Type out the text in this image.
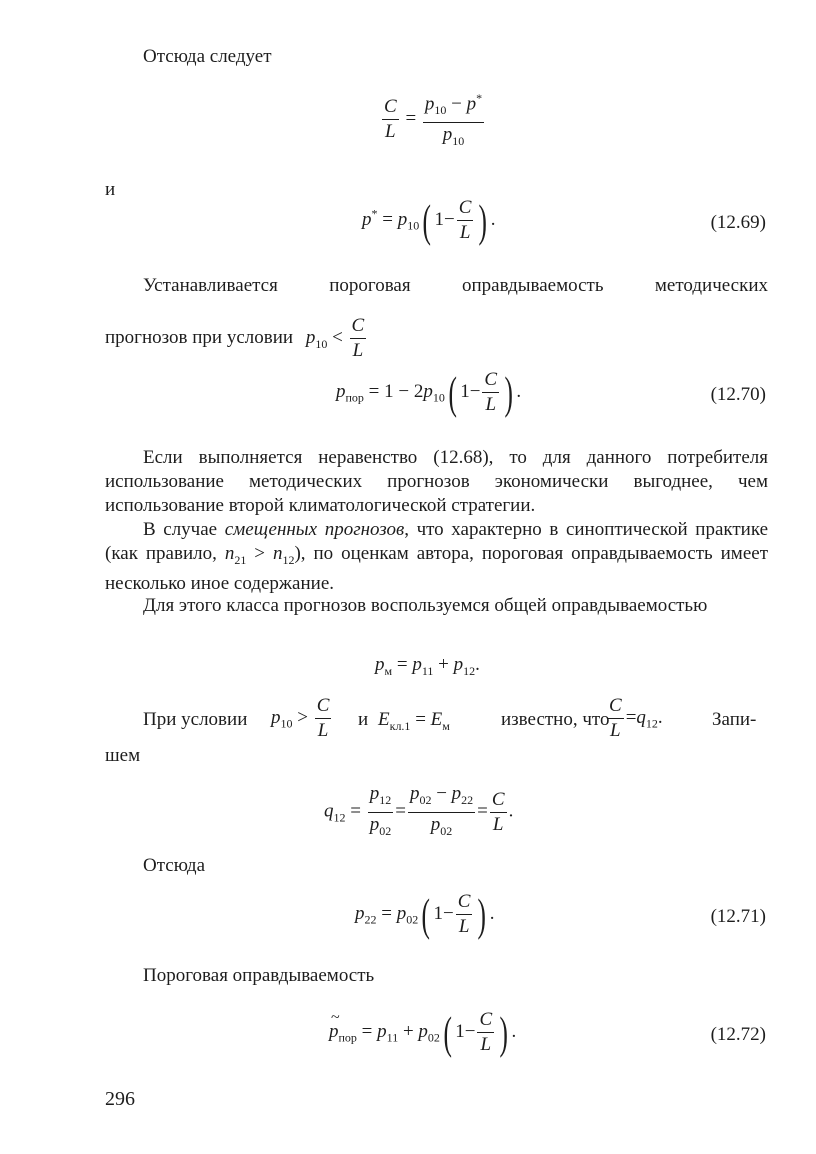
Отсюда следует

$\frac{C}{L} = \frac{p_{10} - p^*}{p_{10}}$

и

$p^* = p_{10}$( $1- \frac{C}{L}$ ) .	(12.69)

Устанавливается пороговая оправдываемость методических

прогнозов при условии $p_{10} < \frac{C}{L}$
$p_{пор} = 1 - 2p_{10}$( $1- \frac{C}{L}$ ) .	(12.70)

Если выполняется неравенство (12.68), то для данного потребителя использование методических прогнозов экономически выгоднее, чем использование второй климатологической стратегии.

В случае смещенных прогнозов, что характерно в синоптической практике (как правило, $n_{21} > n_{12}$), по оценкам автора, пороговая оправдываемость имеет несколько иное содержание.

Для этого класса прогнозов воспользуемся общей оправдываемостью

$p_м = p_{11} + p_{12}$.
При условии $p_{10} > \frac{C}{L}$ и $E_{кл.1} = E_м$	известно, что
$\frac{C}{L} =q_{12}$.	Запи-

шем

$q_{12} = \frac{p_{12}}{p_{02}} = \frac{p_{02} - p_{22}}{p_{02}} = \frac{C}{L}$ .

Отсюда

$p_{22} = p_{02}$( $1- \frac{C}{L}$ ) .	(12.71)

Пороговая оправдываемость

~ $p_{пор} = p_{11} + p_{02}$( $1- \frac{C}{L}$ ) .	(12.72)
296
